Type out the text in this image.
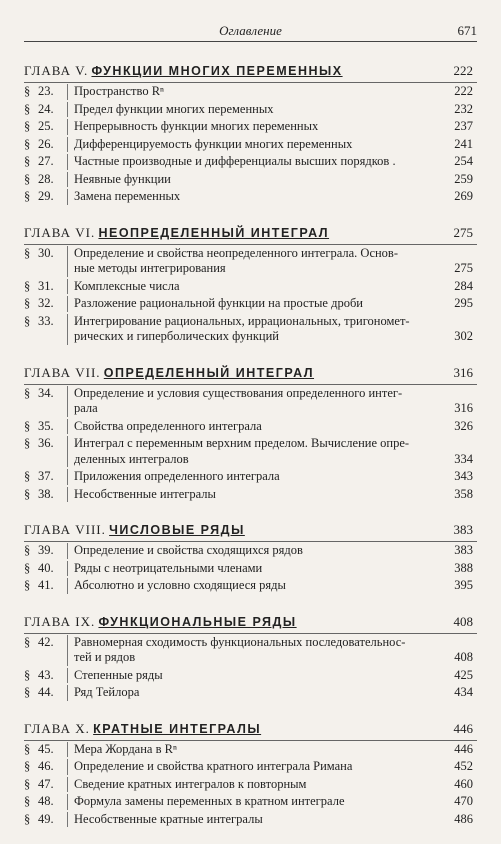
Оглавление	671
ГЛАВА V. ФУНКЦИИ МНОГИХ ПЕРЕМЕННЫХ	222
§ 23.	Пространство Rⁿ	222
§ 24.	Предел функции многих переменных	232
§ 25.	Непрерывность функции многих переменных	237
§ 26.	Дифференцируемость функции многих переменных	241
§ 27.	Частные производные и дифференциалы высших порядков .	254
§ 28.	Неявные функции	259
§ 29.	Замена переменных	269
ГЛАВА VI. НЕОПРЕДЕЛЕННЫЙ ИНТЕГРАЛ	275
§ 30.	Определение и свойства неопределенного интеграла. Основ-
ные методы интегрирования	275
§ 31.	Комплексные числа	284
§ 32.	Разложение рациональной функции на простые дроби	295
§ 33.	Интегрирование рациональных, иррациональных, тригономет-
рических и гиперболических функций	302
ГЛАВА VII. ОПРЕДЕЛЕННЫЙ ИНТЕГРАЛ	316
§ 34.	Определение и условия существования определенного интег-
рала	316
§ 35.	Свойства определенного интеграла	326
§ 36.	Интеграл с переменным верхним пределом. Вычисление опре-
деленных интегралов	334
§ 37.	Приложения определенного интеграла	343
§ 38.	Несобственные интегралы	358
ГЛАВА VIII. ЧИСЛОВЫЕ РЯДЫ	383
§ 39.	Определение и свойства сходящихся рядов	383
§ 40.	Ряды с неотрицательными членами	388
§ 41.	Абсолютно и условно сходящиеся ряды	395
ГЛАВА IX. ФУНКЦИОНАЛЬНЫЕ РЯДЫ	408
§ 42.	Равномерная сходимость функциональных последовательнос-
тей и рядов	408
§ 43.	Степенные ряды	425
§ 44.	Ряд Тейлора	434
ГЛАВА X. КРАТНЫЕ ИНТЕГРАЛЫ	446
§ 45.	Мера Жордана в Rⁿ	446
§ 46.	Определение и свойства кратного интеграла Римана	452
§ 47.	Сведение кратных интегралов к повторным	460
§ 48.	Формула замены переменных в кратном интеграле	470
§ 49.	Несобственные кратные интегралы	486
